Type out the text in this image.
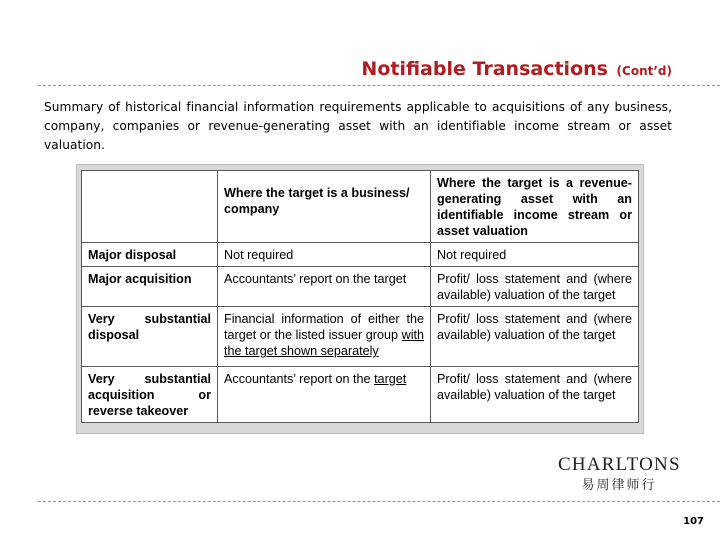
Notifiable Transactions (Cont’d)
Summary of historical financial information requirements applicable to acquisitions of any business, company, companies or revenue-generating asset with an identifiable income stream or asset valuation.
	Where the target is a business/ company	Where the target is a revenue-generating asset with an identifiable income stream or asset valuation

Major disposal	Not required	Not required
Major acquisition	Accountants’ report on the target	Profit/ loss statement and (where available) valuation of the target

Very substantial disposal	Financial information of either the target or the listed issuer group with the target shown separately	Profit/ loss statement and (where available) valuation of the target

Very substantial acquisition or reverse takeover	Accountants’ report on the target	Profit/ loss statement and (where available) valuation of the target
CHARLTONS
易周律师行
107
